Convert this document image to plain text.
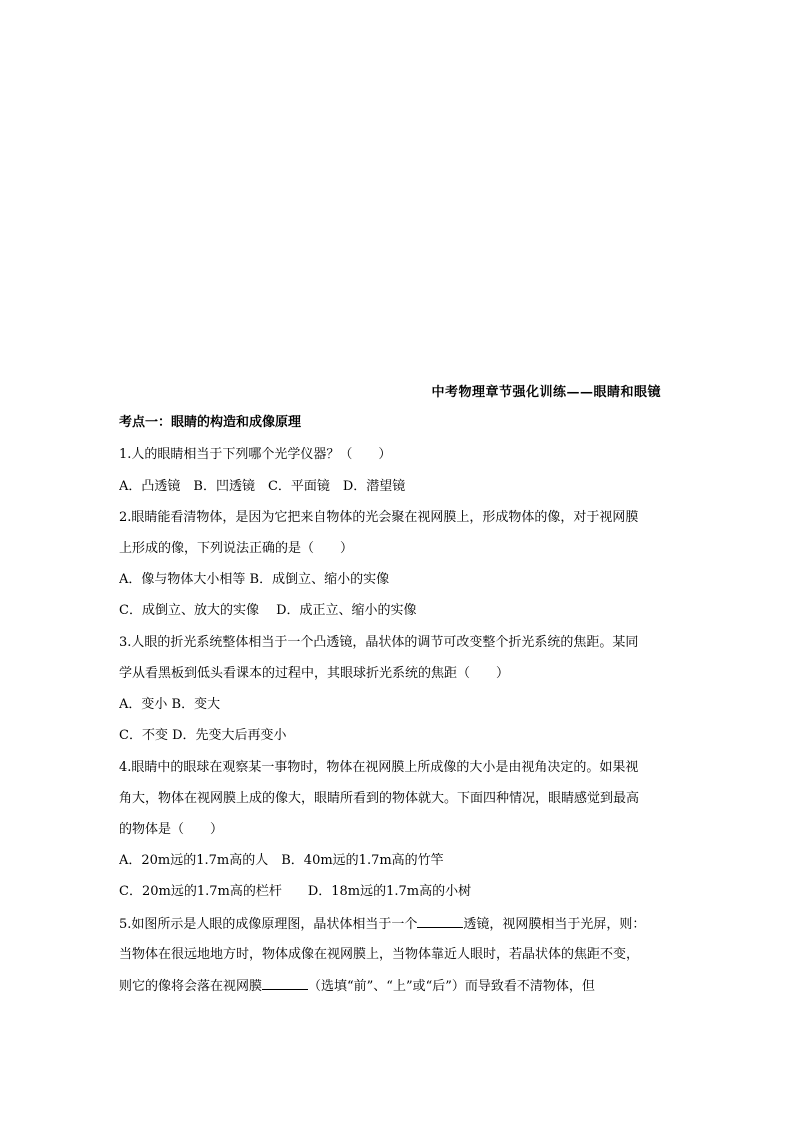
中考物理章节强化训练——眼睛和眼镜
考点一：眼睛的构造和成像原理
1.人的眼睛相当于下列哪个光学仪器？（　　）
A．凸透镜　B．凹透镜　C．平面镜　D．潜望镜
2.眼睛能看清物体，是因为它把来自物体的光会聚在视网膜上，形成物体的像，对于视网膜
上形成的像，下列说法正确的是（　　）
A．像与物体大小相等 B．成倒立、缩小的实像
C．成倒立、放大的实像　 D．成正立、缩小的实像
3.人眼的折光系统整体相当于一个凸透镜，晶状体的调节可改变整个折光系统的焦距。某同
学从看黑板到低头看课本的过程中，其眼球折光系统的焦距（　　）
A．变小 B．变大
C．不变 D．先变大后再变小
4.眼睛中的眼球在观察某一事物时，物体在视网膜上所成像的大小是由视角决定的。如果视
角大，物体在视网膜上成的像大，眼睛所看到的物体就大。下面四种情况，眼睛感觉到最高
的物体是（　　）
A．20m远的1.7m高的人　B．40m远的1.7m高的竹竿
C．20m远的1.7m高的栏杆　　D．18m远的1.7m高的小树
5.如图所示是人眼的成像原理图，晶状体相当于一个	透镜，视网膜相当于光屏，则：
当物体在很远地地方时，物体成像在视网膜上，当物体靠近人眼时，若晶状体的焦距不变，
则它的像将会落在视网膜	（选填“前”、“上”或“后”）而导致看不清物体，但
